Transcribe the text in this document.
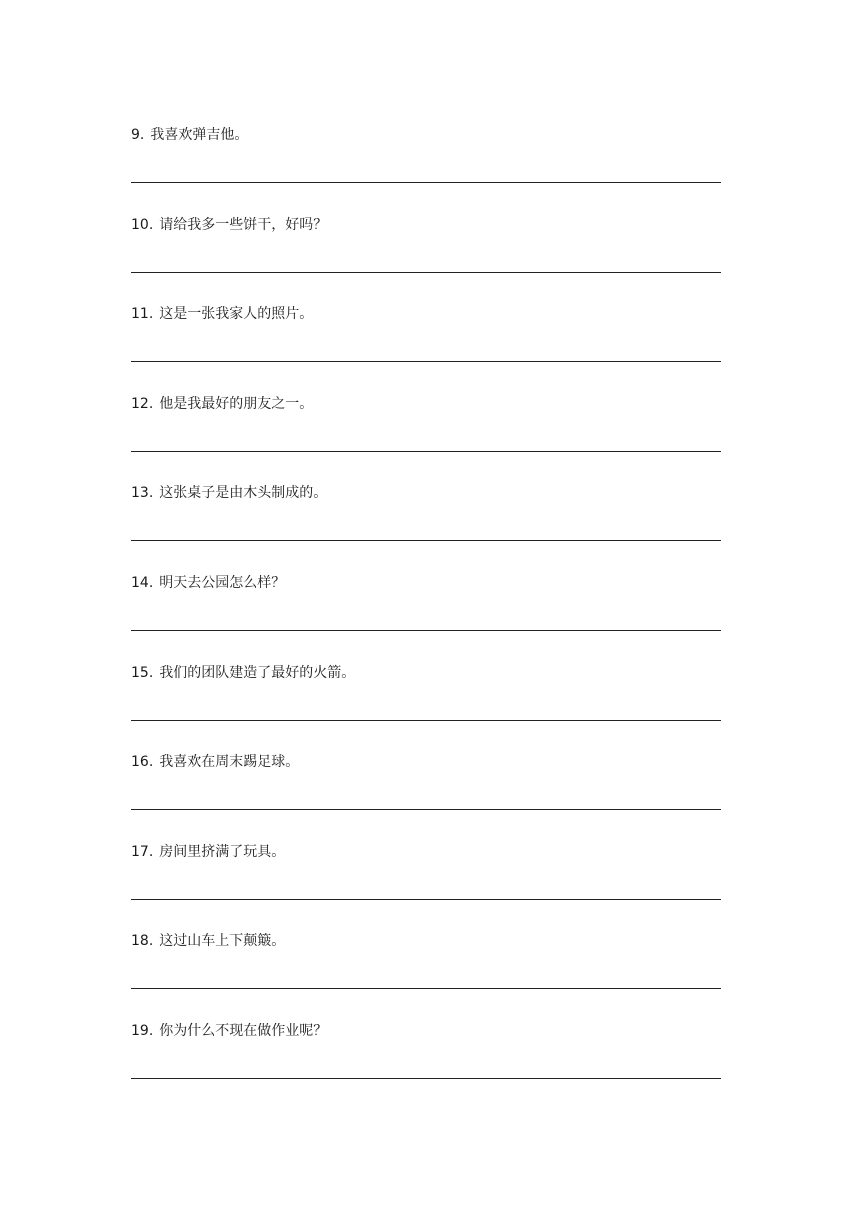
9. 我喜欢弹吉他。
10. 请给我多一些饼干，好吗？
11. 这是一张我家人的照片。
12. 他是我最好的朋友之一。
13. 这张桌子是由木头制成的。
14. 明天去公园怎么样？
15. 我们的团队建造了最好的火箭。
16. 我喜欢在周末踢足球。
17. 房间里挤满了玩具。
18. 这过山车上下颠簸。
19. 你为什么不现在做作业呢？
